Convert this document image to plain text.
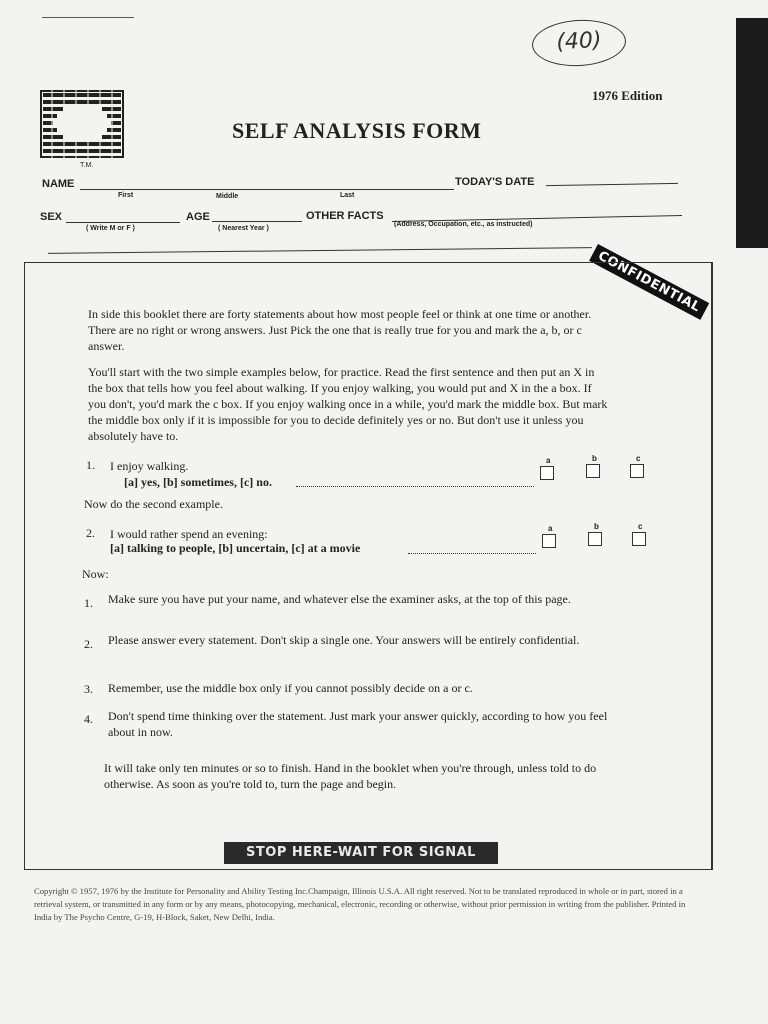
(40)
1976 Edition
T.M.
SELF ANALYSIS FORM
NAME
First	Middle	Last
TODAY'S DATE
SEX
( Write M or F )
AGE
( Nearest Year )
OTHER FACTS
(Address, Occupation, etc., as instructed)
CONFIDENTIAL
In side this booklet there are forty statements about how most people feel or think at one time or another. There are no right or wrong answers. Just Pick the one that is really true for you and mark the a, b, or c answer.
You'll start with the two simple examples below, for practice. Read the first sentence and then put an X in the box that tells how you feel about walking. If you enjoy walking, you would put and X in the a box. If you don't, you'd mark the c box. If you enjoy walking once in a while, you'd mark the middle box. But mark the middle box only if it is impossible for you to decide definitely yes or no. But don't use it unless you absolutely have to.
1. I enjoy walking.
[a] yes, [b] sometimes, [c] no.
a	b	c
Now do the second example.
2. I would rather spend an evening:
[a] talking to people, [b] uncertain, [c] at a movie
a	b	c
Now:
1. Make sure you have put your name, and whatever else the examiner asks, at the top of this page.
2. Please answer every statement. Don't skip a single one. Your answers will be entirely confidential.
3. Remember, use the middle box only if you cannot possibly decide on a or c.
4. Don't spend time thinking over the statement. Just mark your answer quickly, according to how you feel about in now.
It will take only ten minutes or so to finish. Hand in the booklet when you're through, unless told to do otherwise. As soon as you're told to, turn the page and begin.
STOP HERE-WAIT FOR SIGNAL
Copyright © 1957, 1976 by the Institute for Personality and Ability Testing Inc.Champaign, Illinois U.S.A. All right reserved. Not to be translated reproduced in whole or in part, stored in a retrieval system, or transmitted in any form or by any means, photocopying, mechanical, electronic, recording or otherwise, without prior permission in writing from the publisher. Printed in India by The Psycho Centre, G-19, H-Block, Saket, New Delhi, India.
